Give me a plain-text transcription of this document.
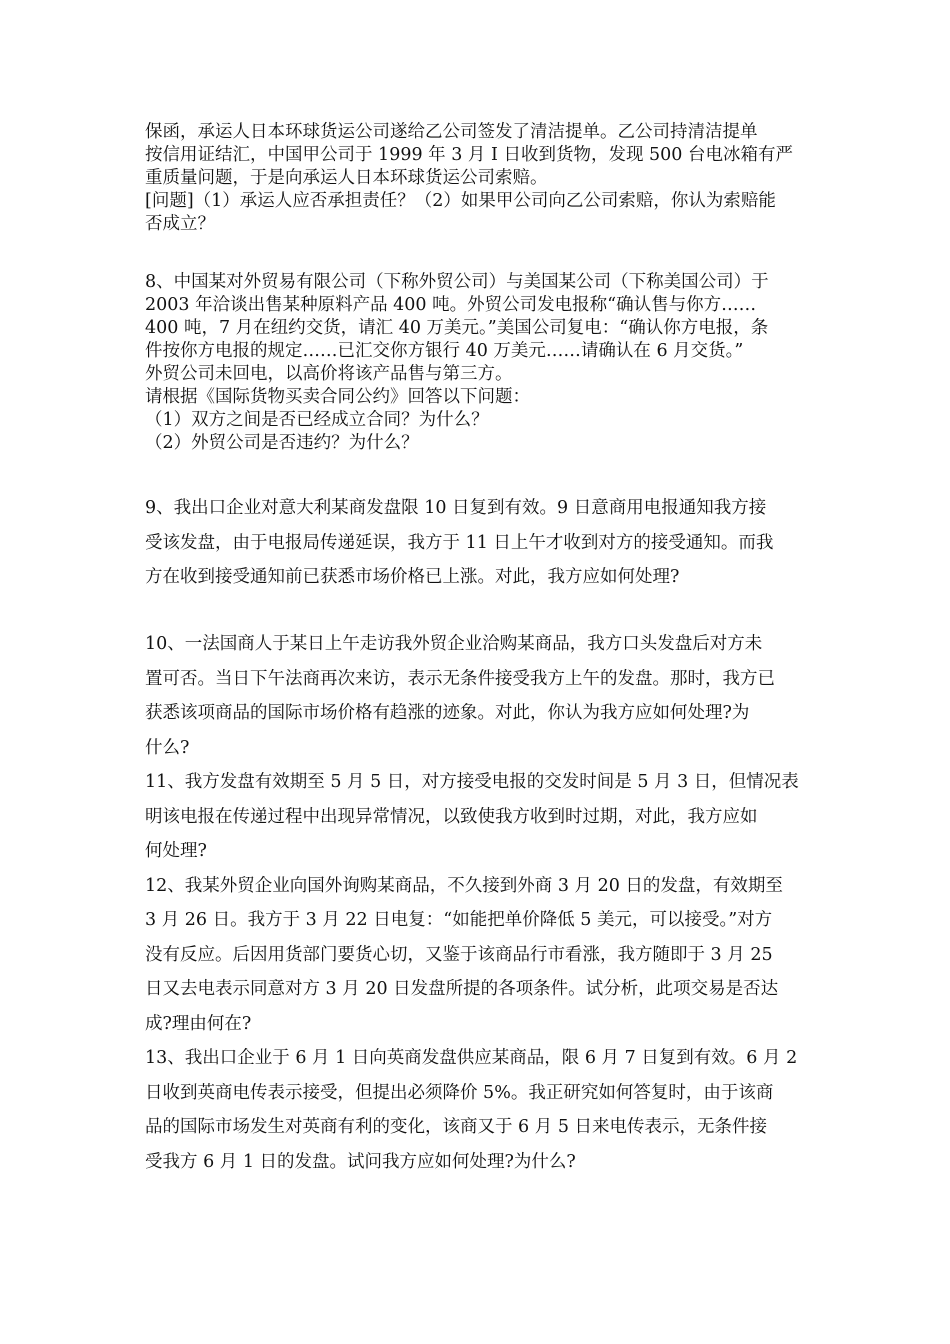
保函，承运人日本环球货运公司遂给乙公司签发了清洁提单。乙公司持清洁提单
按信用证结汇，中国甲公司于 1999 年 3 月 I 日收到货物，发现 500 台电冰箱有严
重质量问题，于是向承运人日本环球货运公司索赔。
[问题]（1）承运人应否承担责任？（2）如果甲公司向乙公司索赔，你认为索赔能
否成立？
8、中国某对外贸易有限公司（下称外贸公司）与美国某公司（下称美国公司）于
2003 年洽谈出售某种原料产品 400 吨。外贸公司发电报称“确认售与你方……
400 吨，7 月在纽约交货，请汇 40 万美元。”美国公司复电：“确认你方电报，条
件按你方电报的规定……已汇交你方银行 40 万美元……请确认在 6 月交货。”
外贸公司未回电，以高价将该产品售与第三方。
请根据《国际货物买卖合同公约》回答以下问题：
（1）双方之间是否已经成立合同？为什么？
（2）外贸公司是否违约？为什么？
9、我出口企业对意大利某商发盘限 10 日复到有效。9 日意商用电报通知我方接
受该发盘，由于电报局传递延误，我方于 11 日上午才收到对方的接受通知。而我
方在收到接受通知前已获悉市场价格已上涨。对此，我方应如何处理?
10、一法国商人于某日上午走访我外贸企业洽购某商品，我方口头发盘后对方未
置可否。当日下午法商再次来访，表示无条件接受我方上午的发盘。那时，我方已
获悉该项商品的国际市场价格有趋涨的迹象。对此，你认为我方应如何处理?为
什么?
11、我方发盘有效期至 5 月 5 日，对方接受电报的交发时间是 5 月 3 日，但情况表
明该电报在传递过程中出现异常情况，以致使我方收到时过期，对此，我方应如
何处理?
12、我某外贸企业向国外询购某商品，不久接到外商 3 月 20 日的发盘，有效期至
3 月 26 日。我方于 3 月 22 日电复：“如能把单价降低 5 美元，可以接受。”对方
没有反应。后因用货部门要货心切，又鉴于该商品行市看涨，我方随即于 3 月 25
日又去电表示同意对方 3 月 20 日发盘所提的各项条件。试分析，此项交易是否达
成?理由何在?
13、我出口企业于 6 月 1 日向英商发盘供应某商品，限 6 月 7 日复到有效。6 月 2
日收到英商电传表示接受，但提出必须降价 5%。我正研究如何答复时，由于该商
品的国际市场发生对英商有利的变化，该商又于 6 月 5 日来电传表示，无条件接
受我方 6 月 1 日的发盘。试问我方应如何处理?为什么?
